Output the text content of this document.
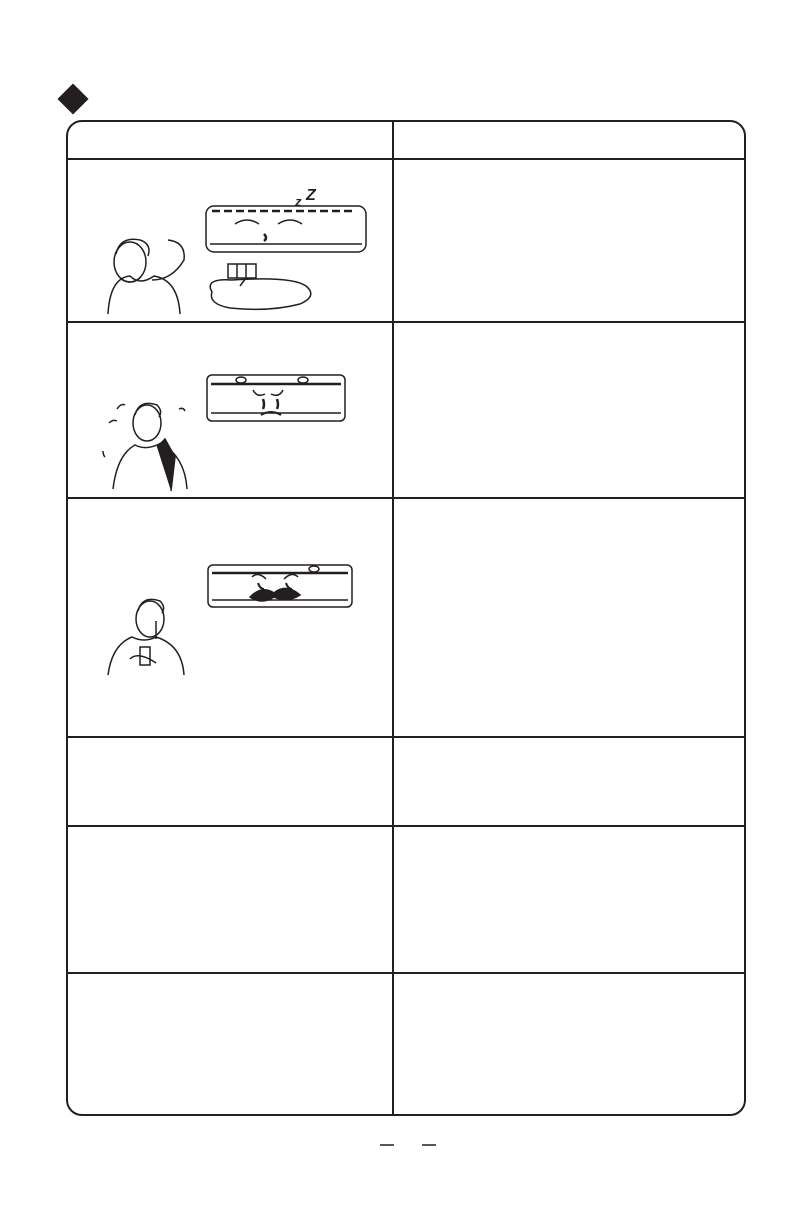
z Z
